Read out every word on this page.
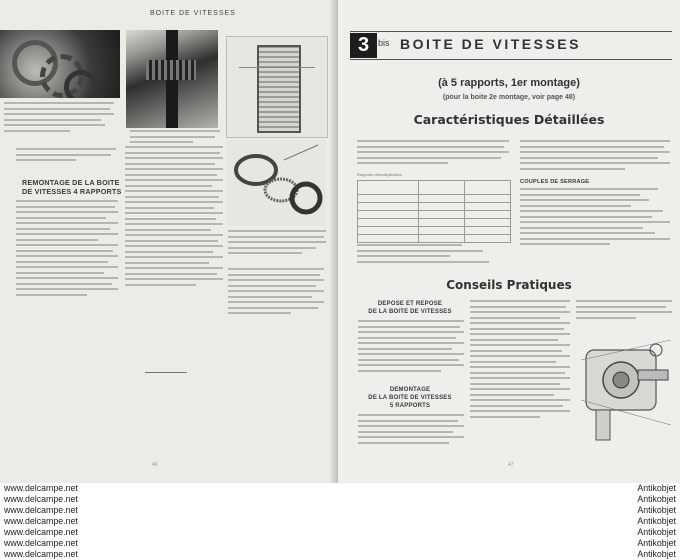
BOITE DE VITESSES
REMONTAGE DE LA BOITE
DE VITESSES 4 RAPPORTS
46
3 bis BOITE DE VITESSES
(à 5 rapports, 1er montage)
(pour la boite 2e montage, voir page 48)
Caractéristiques Détaillées
Rapports démultiplication

COUPLES DE SERRAGE
Conseils Pratiques
DEPOSE ET REPOSE
DE LA BOITE DE VITESSES
DEMONTAGE
DE LA BOITE DE VITESSES
5 RAPPORTS
47
www.delcampe.net	Antikobjet
www.delcampe.net	Antikobjet
www.delcampe.net	Antikobjet
www.delcampe.net	Antikobjet
www.delcampe.net	Antikobjet
www.delcampe.net	Antikobjet
www.delcampe.net	Antikobjet
